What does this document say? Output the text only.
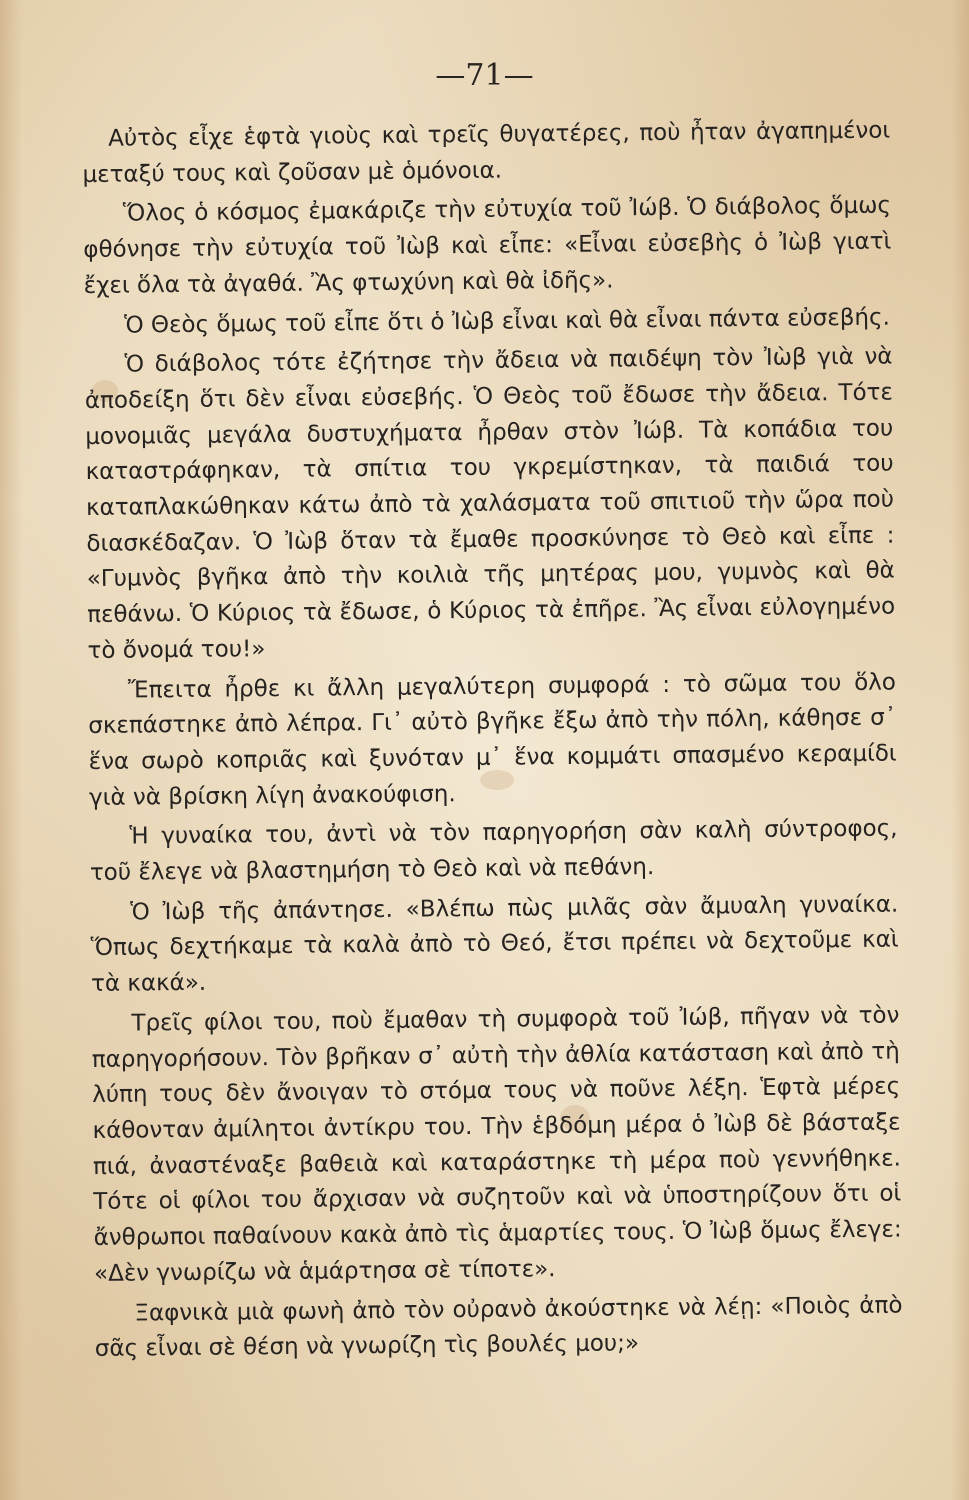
—71—

Αὐτὸς εἶχε ἑφτὰ γιοὺς καὶ τρεῖς θυγατέρες, ποὺ ἦταν ἀγαπημένοι μεταξύ τους καὶ ζοῦσαν μὲ ὁμόνοια.

Ὅλος ὁ κόσμος ἐμακάριζε τὴν εὐτυχία τοῦ Ἰώβ. Ὁ διάβολος ὅμως φθόνησε τὴν εὐτυχία τοῦ Ἰὼβ καὶ εἶπε: «Εἶναι εὐσεβὴς ὁ Ἰὼβ γιατὶ ἔχει ὅλα τὰ ἀγαθά. Ἂς φτωχύνη καὶ θὰ ἰδῆς».

Ὁ Θεὸς ὅμως τοῦ εἶπε ὅτι ὁ Ἰὼβ εἶναι καὶ θὰ εἶναι πάντα εὐσεβής.

Ὁ διάβολος τότε ἐζήτησε τὴν ἄδεια νὰ παιδέψη τὸν Ἰὼβ γιὰ νὰ ἀποδείξη ὅτι δὲν εἶναι εὐσεβής. Ὁ Θεὸς τοῦ ἔδωσε τὴν ἄδεια. Τότε μονομιᾶς μεγάλα δυστυχήματα ἦρθαν στὸν Ἰώβ. Τὰ κοπάδια του καταστράφηκαν, τὰ σπίτια του γκρεμίστηκαν, τὰ παιδιά του καταπλακώθηκαν κάτω ἀπὸ τὰ χαλάσματα τοῦ σπιτιοῦ τὴν ὥρα ποὺ διασκέδαζαν. Ὁ Ἰὼβ ὅταν τὰ ἔμαθε προσκύνησε τὸ Θεὸ καὶ εἶπε : «Γυμνὸς βγῆκα ἀπὸ τὴν κοιλιὰ τῆς μητέρας μου, γυμνὸς καὶ θὰ πεθάνω. Ὁ Κύριος τὰ ἔδωσε, ὁ Κύριος τὰ ἐπῆρε. Ἂς εἶναι εὐλογημένο τὸ ὄνομά του!»

Ἔπειτα ἦρθε κι ἄλλη μεγαλύτερη συμφορά : τὸ σῶμα του ὅλο σκεπάστηκε ἀπὸ λέπρα. Γι᾽ αὐτὸ βγῆκε ἔξω ἀπὸ τὴν πόλη, κάθησε σ᾽ ἕνα σωρὸ κοπριᾶς καὶ ξυνόταν μ᾽ ἕνα κομμάτι σπασμένο κεραμίδι γιὰ νὰ βρίσκη λίγη ἀνακούφιση.

Ἡ γυναίκα του, ἀντὶ νὰ τὸν παρηγορήση σὰν καλὴ σύντροφος, τοῦ ἔλεγε νὰ βλαστημήση τὸ Θεὸ καὶ νὰ πεθάνη.

Ὁ Ἰὼβ τῆς ἀπάντησε. «Βλέπω πὼς μιλᾶς σὰν ἄμυαλη γυναίκα. Ὅπως δεχτήκαμε τὰ καλὰ ἀπὸ τὸ Θεό, ἔτσι πρέπει νὰ δεχτοῦμε καὶ τὰ κακά».

Τρεῖς φίλοι του, ποὺ ἔμαθαν τὴ συμφορὰ τοῦ Ἰώβ, πῆγαν νὰ τὸν παρηγορήσουν. Τὸν βρῆκαν σ᾽ αὐτὴ τὴν ἀθλία κατάσταση καὶ ἀπὸ τὴ λύπη τους δὲν ἄνοιγαν τὸ στόμα τους νὰ ποῦνε λέξη. Ἑφτὰ μέρες κάθονταν ἀμίλητοι ἀντίκρυ του. Τὴν ἑβδόμη μέρα ὁ Ἰὼβ δὲ βάσταξε πιά, ἀναστέναξε βαθειὰ καὶ καταράστηκε τὴ μέρα ποὺ γεννήθηκε. Τότε οἱ φίλοι του ἄρχισαν νὰ συζητοῦν καὶ νὰ ὑποστηρίζουν ὅτι οἱ ἄνθρωποι παθαίνουν κακὰ ἀπὸ τὶς ἁμαρτίες τους. Ὁ Ἰὼβ ὅμως ἔλεγε: «Δὲν γνωρίζω νὰ ἁμάρτησα σὲ τίποτε».

Ξαφνικὰ μιὰ φωνὴ ἀπὸ τὸν οὐρανὸ ἀκούστηκε νὰ λέῃ: «Ποιὸς ἀπὸ σᾶς εἶναι σὲ θέση νὰ γνωρίζη τὶς βουλές μου;»
